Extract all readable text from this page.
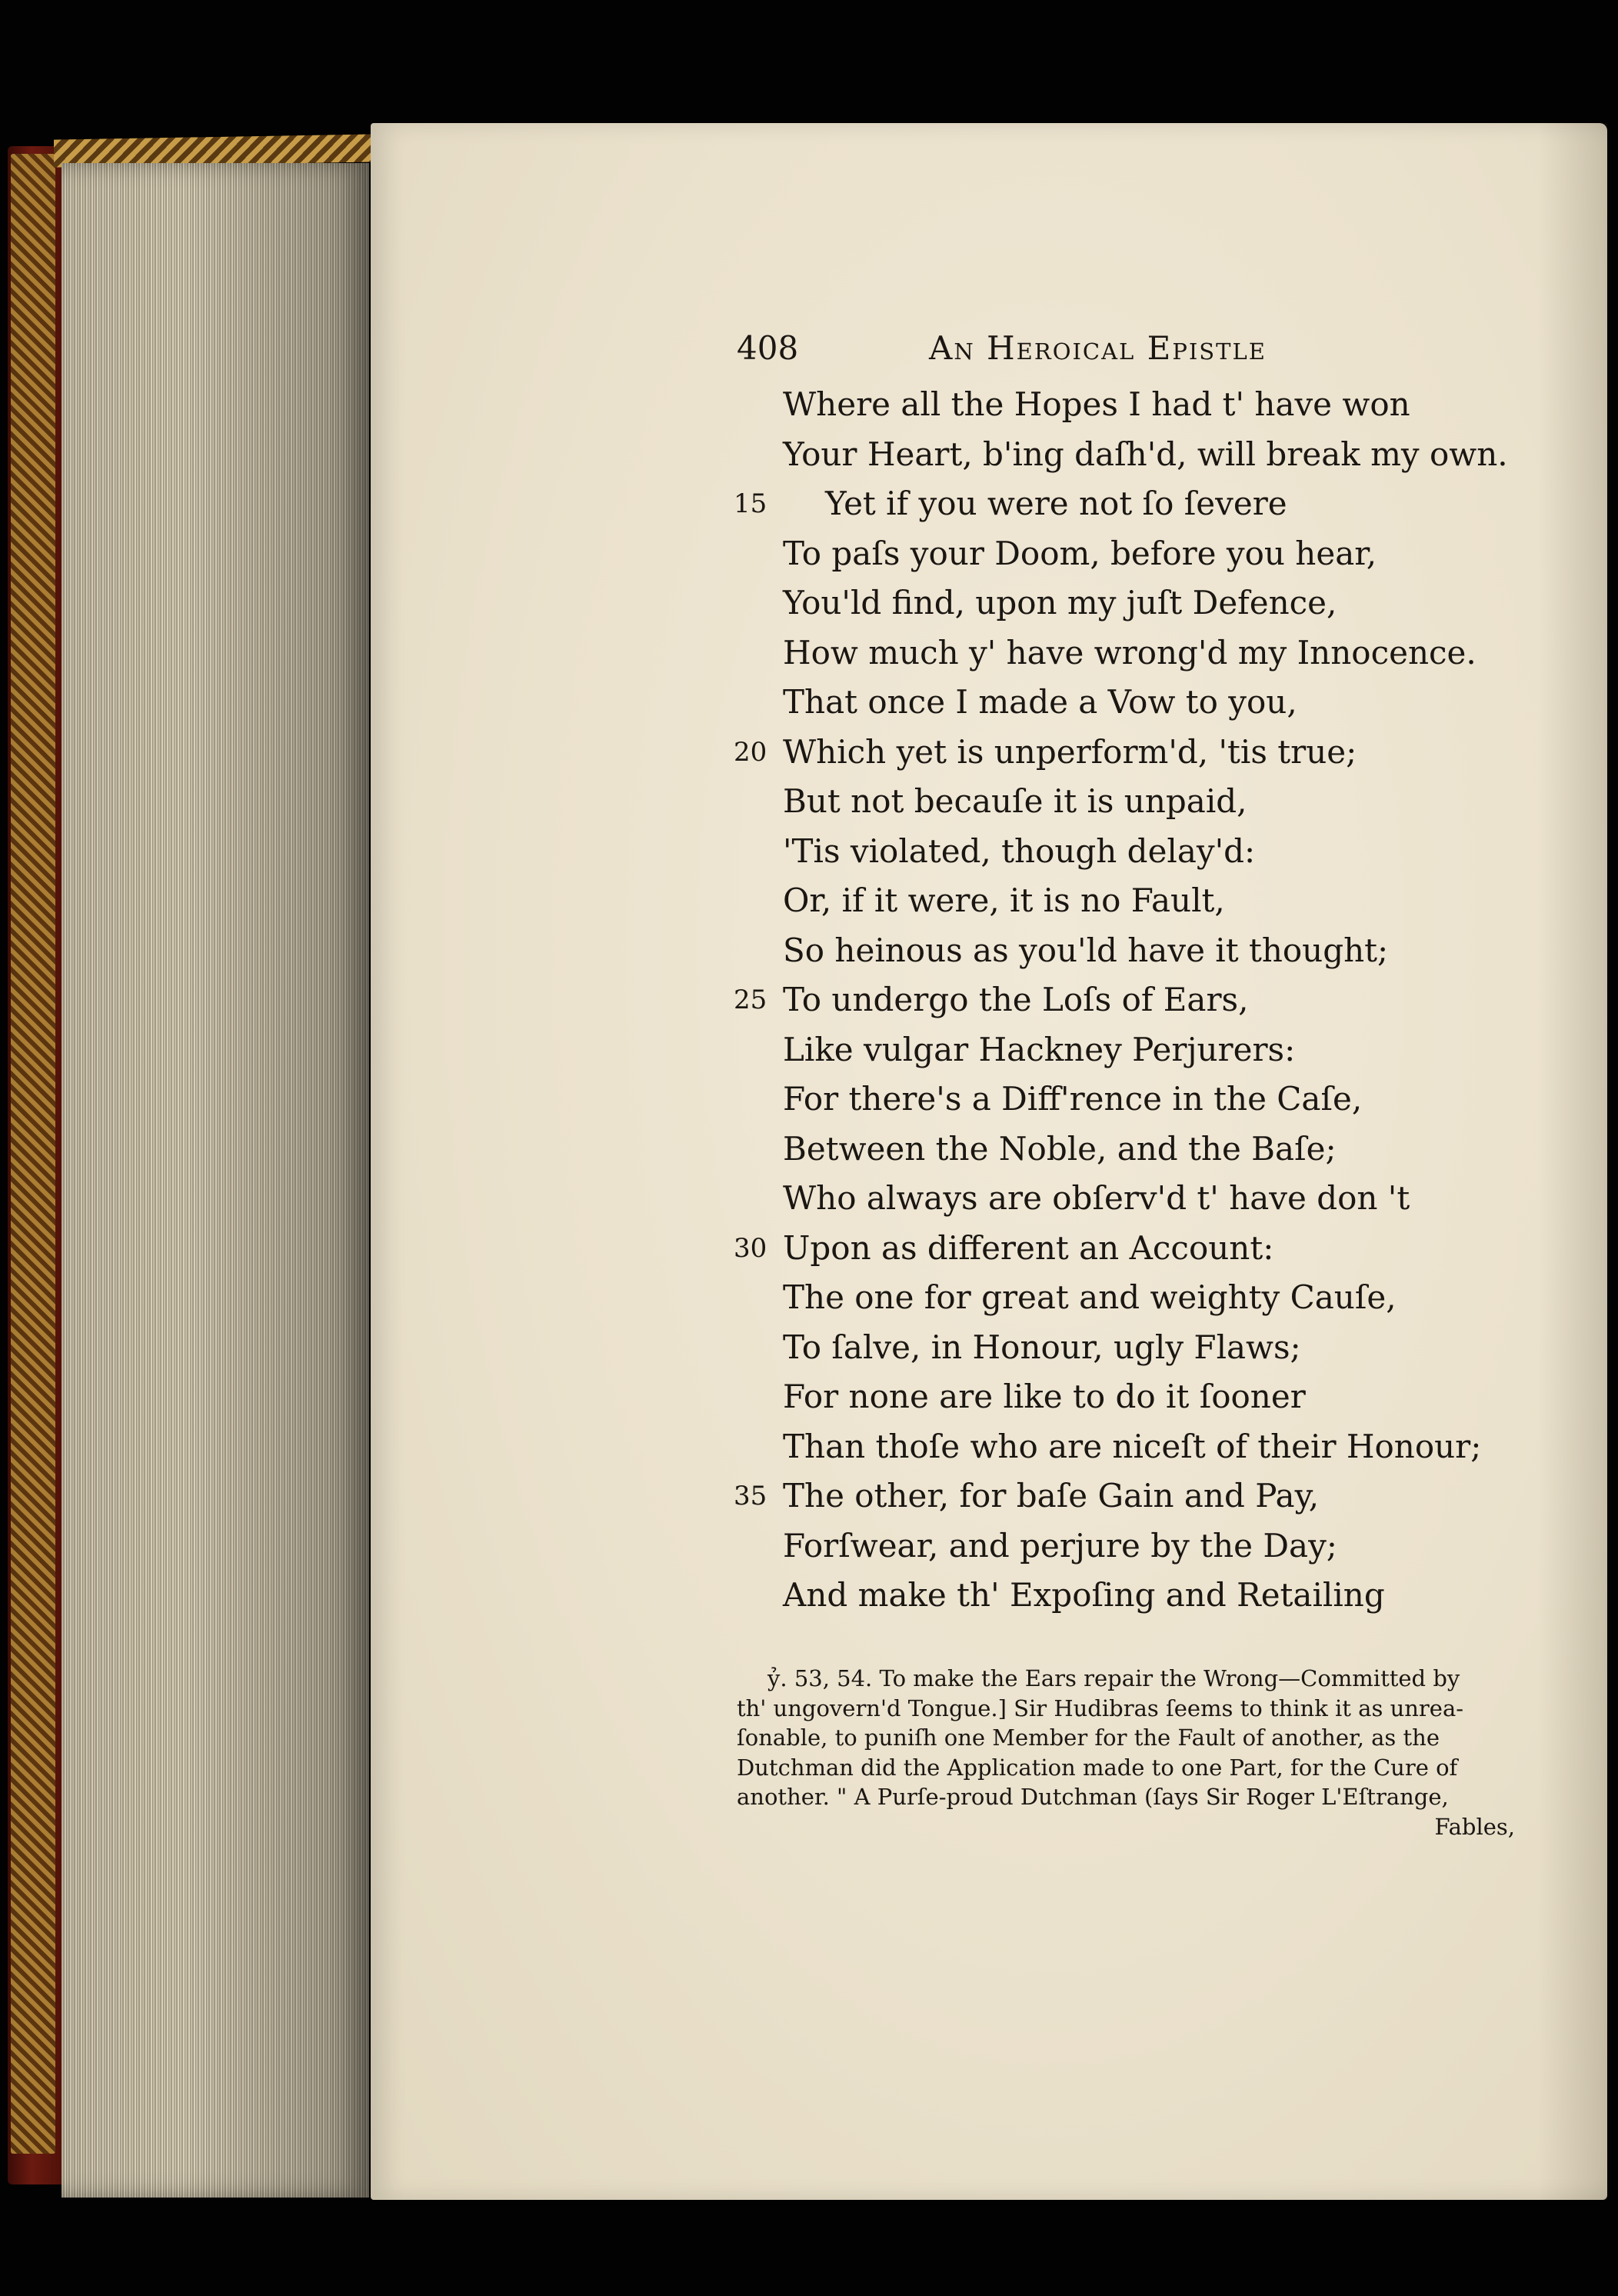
408	An Heroical Epistle
Where all the Hopes I had t' have won
Your Heart, b'ing daſh'd, will break my own.
15 Yet if you were not ſo ſevere
To paſs your Doom, before you hear,
You'ld find, upon my juſt Defence,
How much y' have wrong'd my Innocence.
That once I made a Vow to you,
20 Which yet is unperform'd, 'tis true;
But not becauſe it is unpaid,
'Tis violated, though delay'd:
Or, if it were, it is no Fault,
So heinous as you'ld have it thought;
25 To undergo the Loſs of Ears,
Like vulgar Hackney Perjurers:
For there's a Diff'rence in the Caſe,
Between the Noble, and the Baſe;
Who always are obſerv'd t' have don 't
30 Upon as different an Account:
The one for great and weighty Cauſe,
To ſalve, in Honour, ugly Flaws;
For none are like to do it ſooner
Than thoſe who are niceſt of their Honour;
35 The other, for baſe Gain and Pay,
Forſwear, and perjure by the Day;
And make th' Expoſing and Retailing
ỷ. 53, 54. To make the Ears repair the Wrong—Committed by
th' ungovern'd Tongue.] Sir Hudibras ſeems to think it as unrea-
ſonable, to puniſh one Member for the Fault of another, as the
Dutchman did the Application made to one Part, for the Cure of
another. " A Purſe-proud Dutchman (ſays Sir Roger L'Eſtrange,
Fables,
